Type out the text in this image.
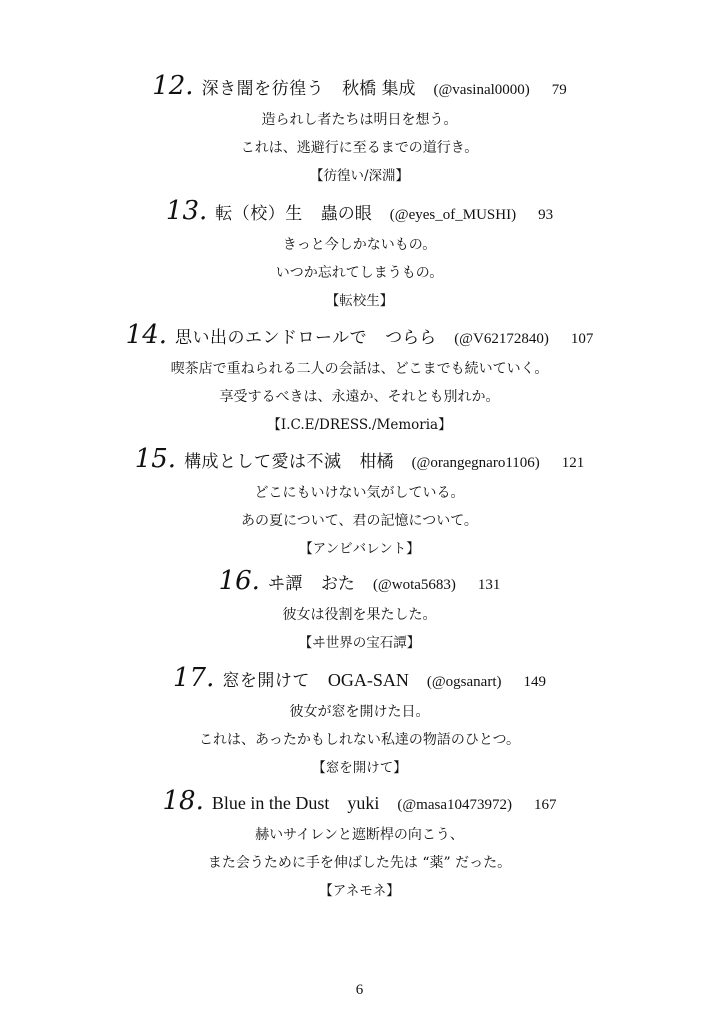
12. 深き闇を彷徨う 秋橋 集成 (@vasinal0000) 79
造られし者たちは明日を想う。
これは、逃避行に至るまでの道行き。
【彷徨い/深淵】
13. 転（校）生 蟲の眼 (@eyes_of_MUSHI) 93
きっと今しかないもの。
いつか忘れてしまうもの。
【転校生】
14. 思い出のエンドロールで つらら (@V62172840) 107
喫茶店で重ねられる二人の会話は、どこまでも続いていく。
享受するべきは、永遠か、それとも別れか。
【I.C.E/DRESS./Memoria】
15. 構成として愛は不滅 柑橘 (@orangegnaro1106) 121
どこにもいけない気がしている。
あの夏について、君の記憶について。
【アンビバレント】
16. ヰ譚 おた (@wota5683) 131
彼女は役割を果たした。
【ヰ世界の宝石譚】
17. 窓を開けて OGA-SAN (@ogsanart) 149
彼女が窓を開けた日。
これは、あったかもしれない私達の物語のひとつ。
【窓を開けて】
18. Blue in the Dust yuki (@masa10473972) 167
赫いサイレンと遮断桿の向こう、
また会うために手を伸ばした先は “薬” だった。
【アネモネ】
6
